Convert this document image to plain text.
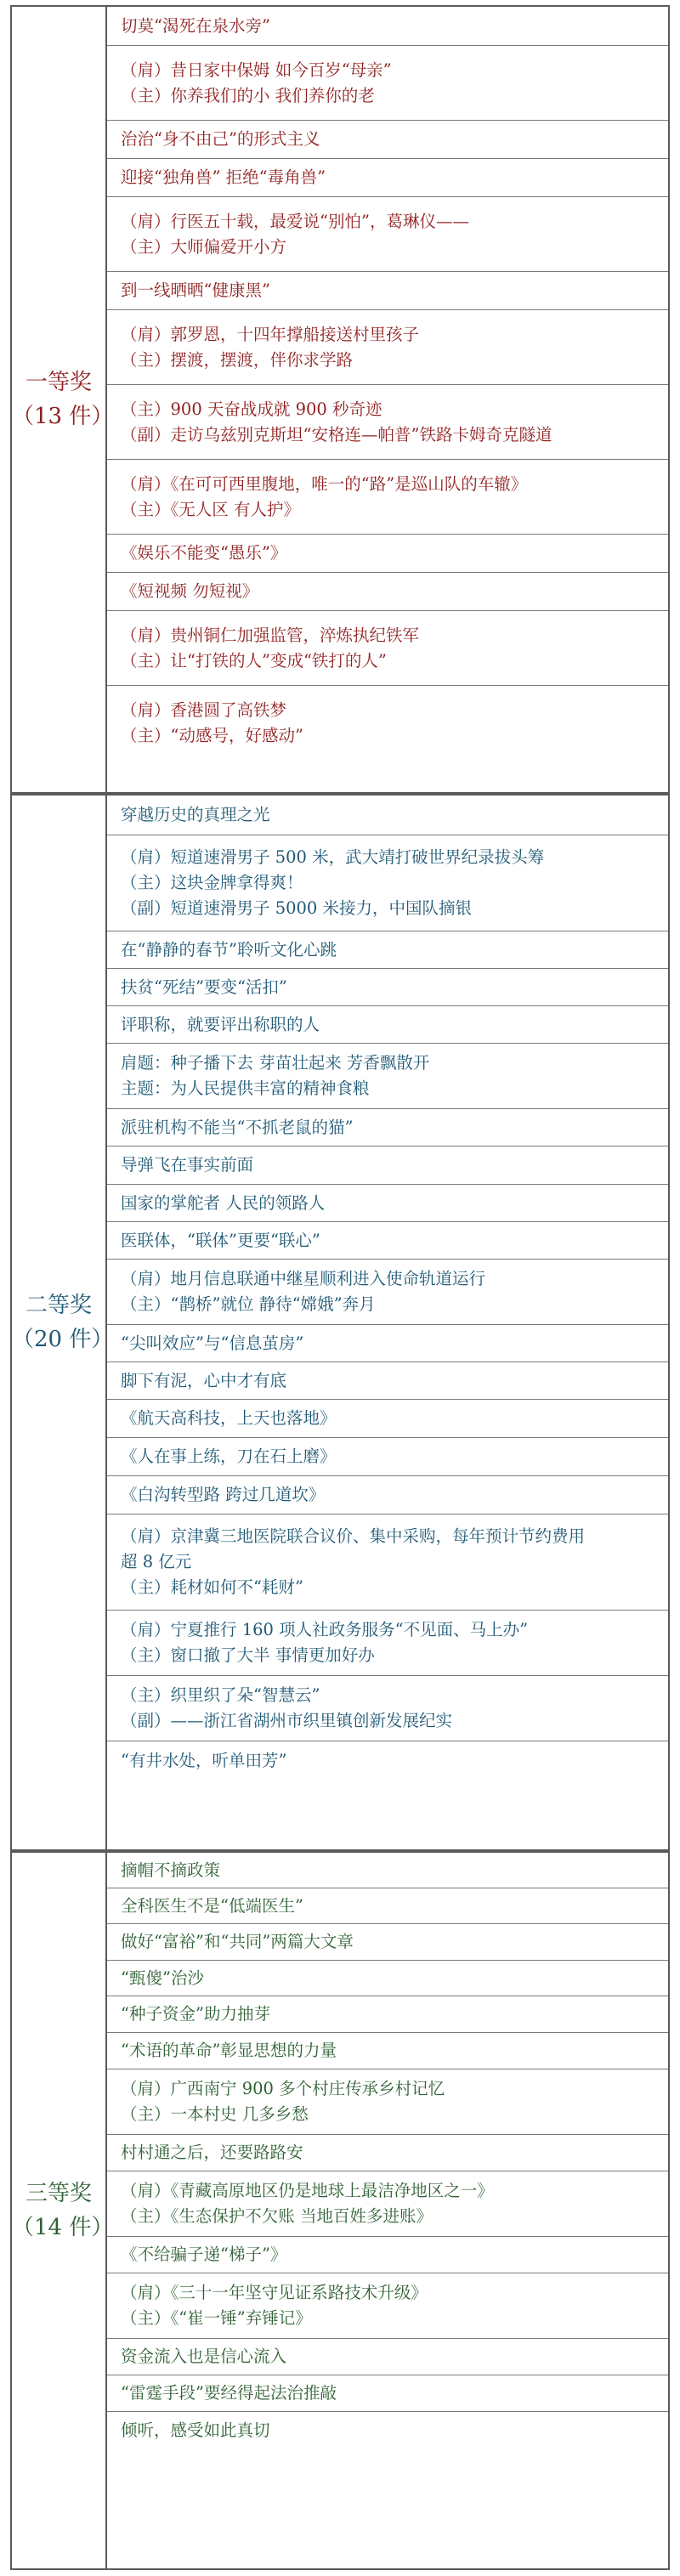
一等奖
（13 件）
切莫“渴死在泉水旁”
（肩）昔日家中保姆 如今百岁“母亲”
（主）你养我们的小 我们养你的老
治治“身不由己”的形式主义
迎接“独角兽” 拒绝“毒角兽”
（肩）行医五十载，最爱说“别怕”，葛琳仪——
（主）大师偏爱开小方
到一线晒晒“健康黑”
（肩）郭罗恩，十四年撑船接送村里孩子
（主）摆渡，摆渡，伴你求学路
（主）900 天奋战成就 900 秒奇迹
（副）走访乌兹别克斯坦“安格连—帕普”铁路卡姆奇克隧道
（肩）《在可可西里腹地，唯一的“路”是巡山队的车辙》
（主）《无人区 有人护》
《娱乐不能变“愚乐”》
《短视频 勿短视》
（肩）贵州铜仁加强监管，淬炼执纪铁军
（主）让“打铁的人”变成“铁打的人”
（肩）香港圆了高铁梦
（主）“动感号，好感动”
二等奖
（20 件）
穿越历史的真理之光
（肩）短道速滑男子 500 米，武大靖打破世界纪录拔头筹
（主）这块金牌拿得爽！
（副）短道速滑男子 5000 米接力，中国队摘银
在“静静的春节”聆听文化心跳
扶贫“死结”要变“活扣”
评职称，就要评出称职的人
肩题：种子播下去 芽苗壮起来 芳香飘散开
主题：为人民提供丰富的精神食粮
派驻机构不能当“不抓老鼠的猫”
导弹飞在事实前面
国家的掌舵者 人民的领路人
医联体，“联体”更要“联心”
（肩）地月信息联通中继星顺利进入使命轨道运行
（主）“鹊桥”就位 静待“嫦娥”奔月
“尖叫效应”与“信息茧房”
脚下有泥，心中才有底
《航天高科技，上天也落地》
《人在事上练，刀在石上磨》
《白沟转型路 跨过几道坎》
（肩）京津冀三地医院联合议价、集中采购，每年预计节约费用
超 8 亿元
（主）耗材如何不“耗财”
（肩）宁夏推行 160 项人社政务服务“不见面、马上办”
（主）窗口撤了大半 事情更加好办
（主）织里织了朵“智慧云”
（副）——浙江省湖州市织里镇创新发展纪实
“有井水处，听单田芳”
三等奖
（14 件）
摘帽不摘政策
全科医生不是“低端医生”
做好“富裕”和“共同”两篇大文章
“甄傻”治沙
“种子资金”助力抽芽
“术语的革命”彰显思想的力量
（肩）广西南宁 900 多个村庄传承乡村记忆
（主）一本村史 几多乡愁
村村通之后，还要路路安
（肩）《青藏高原地区仍是地球上最洁净地区之一》
（主）《生态保护不欠账 当地百姓多进账》
《不给骗子递“梯子”》
（肩）《三十一年坚守见证系路技术升级》
（主）《“崔一锤”弃锤记》
资金流入也是信心流入
“雷霆手段”要经得起法治推敲
倾听，感受如此真切
